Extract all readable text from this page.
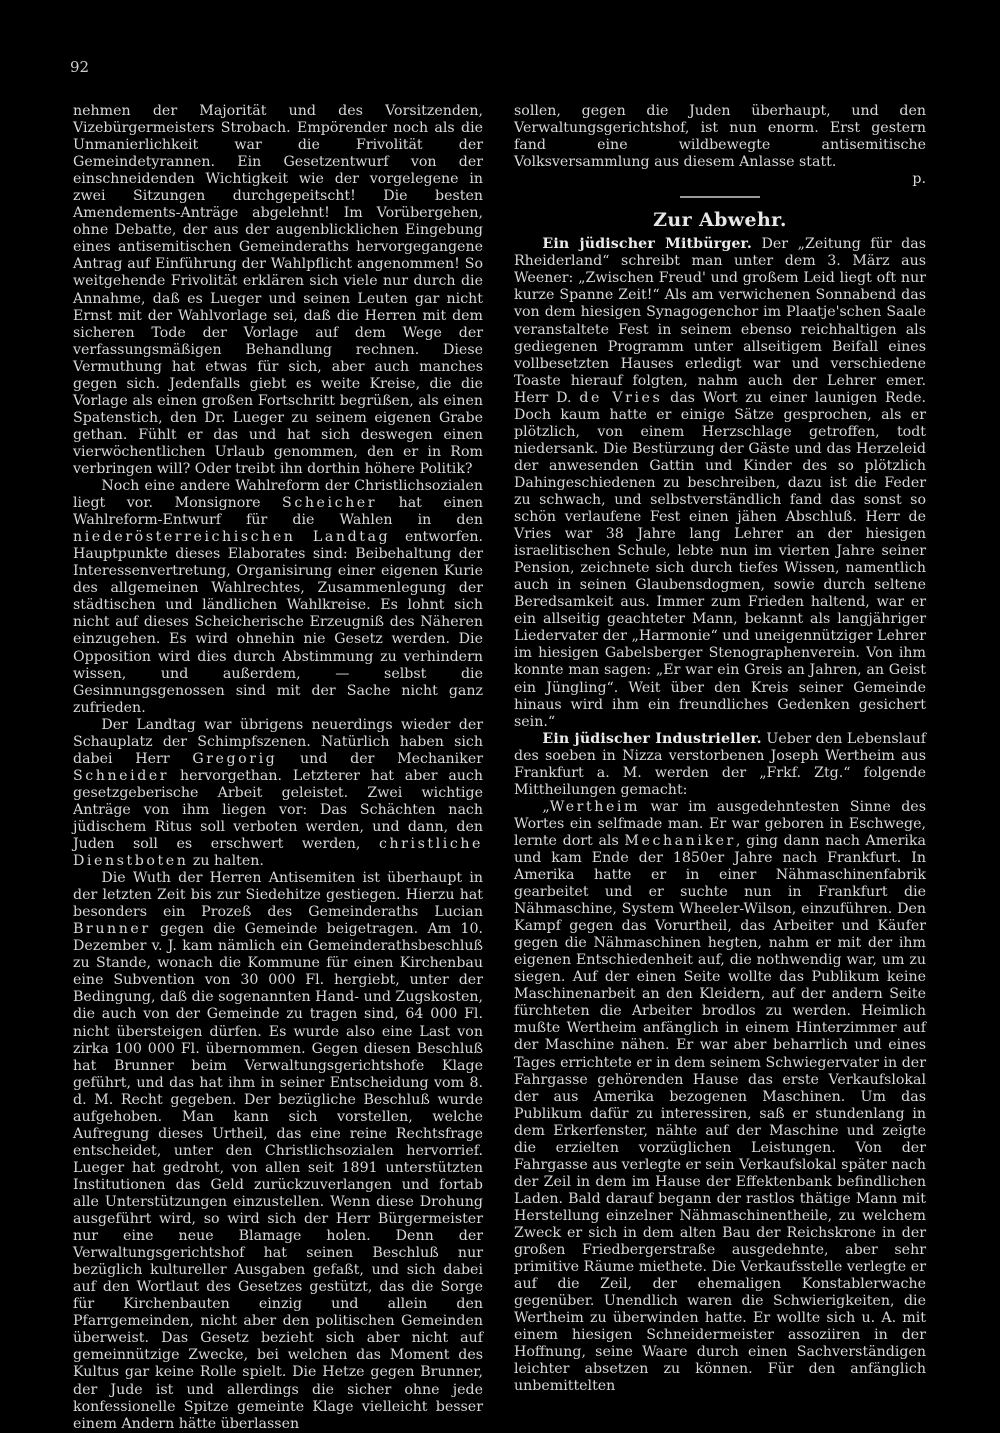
92

nehmen der Majorität und des Vorsitzenden, Vizebürgermeisters Strobach. Empörender noch als die Unmanierlichkeit war die Frivolität der Gemeindetyrannen. Ein Gesetzentwurf von der einschneidenden Wichtigkeit wie der vorgelegene in zwei Sitzungen durchgepeitscht! Die besten Amendements-Anträge abgelehnt! Im Vorübergehen, ohne Debatte, der aus der augenblicklichen Eingebung eines antisemitischen Gemeinderaths hervorgegangene Antrag auf Einführung der Wahlpflicht angenommen! So weitgehende Frivolität erklären sich viele nur durch die Annahme, daß es Lueger und seinen Leuten gar nicht Ernst mit der Wahlvorlage sei, daß die Herren mit dem sicheren Tode der Vorlage auf dem Wege der verfassungsmäßigen Behandlung rechnen. Diese Vermuthung hat etwas für sich, aber auch manches gegen sich. Jedenfalls giebt es weite Kreise, die die Vorlage als einen großen Fortschritt begrüßen, als einen Spatenstich, den Dr. Lueger zu seinem eigenen Grabe gethan. Fühlt er das und hat sich deswegen einen vierwöchentlichen Urlaub genommen, den er in Rom verbringen will? Oder treibt ihn dorthin höhere Politik?

Noch eine andere Wahlreform der Christlichsozialen liegt vor. Monsignore Scheicher hat einen Wahlreform-Entwurf für die Wahlen in den niederösterreichischen Landtag entworfen. Hauptpunkte dieses Elaborates sind: Beibehaltung der Interessenvertretung, Organisirung einer eigenen Kurie des allgemeinen Wahlrechtes, Zusammenlegung der städtischen und ländlichen Wahlkreise. Es lohnt sich nicht auf dieses Scheicherische Erzeugniß des Näheren einzugehen. Es wird ohnehin nie Gesetz werden. Die Opposition wird dies durch Abstimmung zu verhindern wissen, und außerdem, — selbst die Gesinnungsgenossen sind mit der Sache nicht ganz zufrieden.

Der Landtag war übrigens neuerdings wieder der Schauplatz der Schimpfszenen. Natürlich haben sich dabei Herr Gregorig und der Mechaniker Schneider hervorgethan. Letzterer hat aber auch gesetzgeberische Arbeit geleistet. Zwei wichtige Anträge von ihm liegen vor: Das Schächten nach jüdischem Ritus soll verboten werden, und dann, den Juden soll es erschwert werden, christliche Dienstboten zu halten.

Die Wuth der Herren Antisemiten ist überhaupt in der letzten Zeit bis zur Siedehitze gestiegen. Hierzu hat besonders ein Prozeß des Gemeinderaths Lucian Brunner gegen die Gemeinde beigetragen. Am 10. Dezember v. J. kam nämlich ein Gemeinderathsbeschluß zu Stande, wonach die Kommune für einen Kirchenbau eine Subvention von 30 000 Fl. hergiebt, unter der Bedingung, daß die sogenannten Hand- und Zugskosten, die auch von der Gemeinde zu tragen sind, 64 000 Fl. nicht übersteigen dürfen. Es wurde also eine Last von zirka 100 000 Fl. übernommen. Gegen diesen Beschluß hat Brunner beim Verwaltungsgerichtshofe Klage geführt, und das hat ihm in seiner Entscheidung vom 8. d. M. Recht gegeben. Der bezügliche Beschluß wurde aufgehoben. Man kann sich vorstellen, welche Aufregung dieses Urtheil, das eine reine Rechtsfrage entscheidet, unter den Christlichsozialen hervorrief. Lueger hat gedroht, von allen seit 1891 unterstützten Institutionen das Geld zurückzuverlangen und fortab alle Unterstützungen einzustellen. Wenn diese Drohung ausgeführt wird, so wird sich der Herr Bürgermeister nur eine neue Blamage holen. Denn der Verwaltungsgerichtshof hat seinen Beschluß nur bezüglich kultureller Ausgaben gefaßt, und sich dabei auf den Wortlaut des Gesetzes gestützt, das die Sorge für Kirchenbauten einzig und allein den Pfarrgemeinden, nicht aber den politischen Gemeinden überweist. Das Gesetz bezieht sich aber nicht auf gemeinnützige Zwecke, bei welchen das Moment des Kultus gar keine Rolle spielt. Die Hetze gegen Brunner, der Jude ist und allerdings die sicher ohne jede konfessionelle Spitze gemeinte Klage vielleicht besser einem Andern hätte überlassen

sollen, gegen die Juden überhaupt, und den Verwaltungsgerichtshof, ist nun enorm. Erst gestern fand eine wildbewegte antisemitische Volksversammlung aus diesem Anlasse statt.

p.

Zur Abwehr.

Ein jüdischer Mitbürger. Der „Zeitung für das Rheiderland“ schreibt man unter dem 3. März aus Weener: „Zwischen Freud' und großem Leid liegt oft nur kurze Spanne Zeit!“ Als am verwichenen Sonnabend das von dem hiesigen Synagogenchor im Plaatje'schen Saale veranstaltete Fest in seinem ebenso reichhaltigen als gediegenen Programm unter allseitigem Beifall eines vollbesetzten Hauses erledigt war und verschiedene Toaste hierauf folgten, nahm auch der Lehrer emer. Herr D. de Vries das Wort zu einer launigen Rede. Doch kaum hatte er einige Sätze gesprochen, als er plötzlich, von einem Herzschlage getroffen, todt niedersank. Die Bestürzung der Gäste und das Herzeleid der anwesenden Gattin und Kinder des so plötzlich Dahingeschiedenen zu beschreiben, dazu ist die Feder zu schwach, und selbstverständlich fand das sonst so schön verlaufene Fest einen jähen Abschluß. Herr de Vries war 38 Jahre lang Lehrer an der hiesigen israelitischen Schule, lebte nun im vierten Jahre seiner Pension, zeichnete sich durch tiefes Wissen, namentlich auch in seinen Glaubensdogmen, sowie durch seltene Beredsamkeit aus. Immer zum Frieden haltend, war er ein allseitig geachteter Mann, bekannt als langjähriger Liedervater der „Harmonie“ und uneigennütziger Lehrer im hiesigen Gabelsberger Stenographenverein. Von ihm konnte man sagen: „Er war ein Greis an Jahren, an Geist ein Jüngling“. Weit über den Kreis seiner Gemeinde hinaus wird ihm ein freundliches Gedenken gesichert sein.“

Ein jüdischer Industrieller. Ueber den Lebenslauf des soeben in Nizza verstorbenen Joseph Wertheim aus Frankfurt a. M. werden der „Frkf. Ztg.“ folgende Mittheilungen gemacht:

„Wertheim war im ausgedehntesten Sinne des Wortes ein selfmade man. Er war geboren in Eschwege, lernte dort als Mechaniker, ging dann nach Amerika und kam Ende der 1850er Jahre nach Frankfurt. In Amerika hatte er in einer Nähmaschinenfabrik gearbeitet und er suchte nun in Frankfurt die Nähmaschine, System Wheeler-Wilson, einzuführen. Den Kampf gegen das Vorurtheil, das Arbeiter und Käufer gegen die Nähmaschinen hegten, nahm er mit der ihm eigenen Entschiedenheit auf, die nothwendig war, um zu siegen. Auf der einen Seite wollte das Publikum keine Maschinenarbeit an den Kleidern, auf der andern Seite fürchteten die Arbeiter brodlos zu werden. Heimlich mußte Wertheim anfänglich in einem Hinterzimmer auf der Maschine nähen. Er war aber beharrlich und eines Tages errichtete er in dem seinem Schwiegervater in der Fahrgasse gehörenden Hause das erste Verkaufslokal der aus Amerika bezogenen Maschinen. Um das Publikum dafür zu interessiren, saß er stundenlang in dem Erkerfenster, nähte auf der Maschine und zeigte die erzielten vorzüglichen Leistungen. Von der Fahrgasse aus verlegte er sein Verkaufslokal später nach der Zeil in dem im Hause der Effektenbank befindlichen Laden. Bald darauf begann der rastlos thätige Mann mit Herstellung einzelner Nähmaschinentheile, zu welchem Zweck er sich in dem alten Bau der Reichskrone in der großen Friedbergerstraße ausgedehnte, aber sehr primitive Räume miethete. Die Verkaufsstelle verlegte er auf die Zeil, der ehemaligen Konstablerwache gegenüber. Unendlich waren die Schwierigkeiten, die Wertheim zu überwinden hatte. Er wollte sich u. A. mit einem hiesigen Schneidermeister assoziiren in der Hoffnung, seine Waare durch einen Sachverständigen leichter absetzen zu können. Für den anfänglich unbemittelten
